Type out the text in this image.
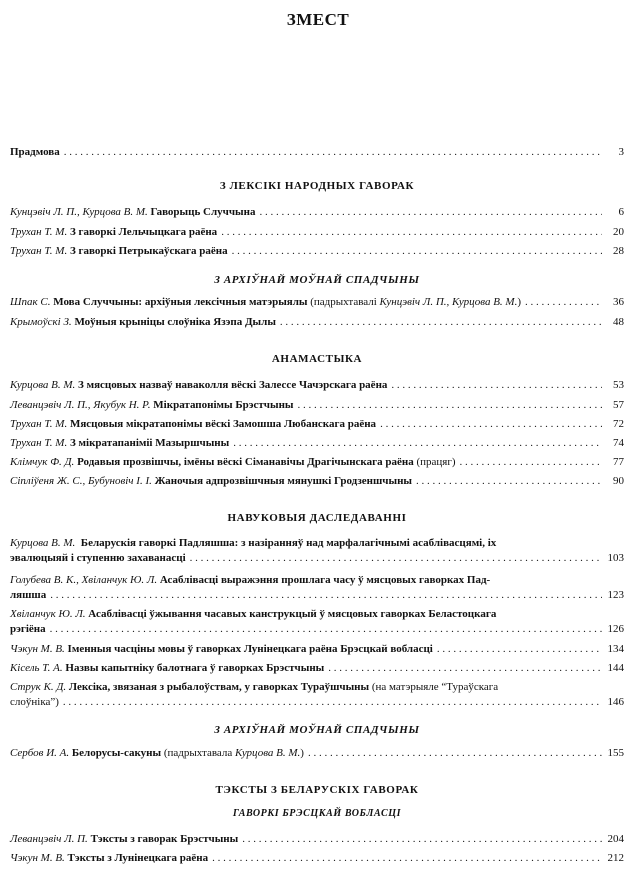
ЗМЕСТ
Прадмова . . .	3
З ЛЕКСІКІ НАРОДНЫХ ГАВОРАК
Кунцэвіч Л. П., Курцова В. М. Гаворыць Случчына . . .	6
Трухан Т. М. З гаворкі Лельчыцкага раёна . . .	20
Трухан Т. М. З гаворкі Петрыкаўскага раёна . . .	28
З АРХІЎНАЙ МОЎНАЙ СПАДЧЫНЫ
Шпак С. Мова Случчыны: архіўныя лексічныя матэрыялы (падрыхтавалі Кунцэвіч Л. П., Курцова В. М.) . . .	36
Крымоўскі З. Моўныя крыніцы слоўніка Язэпа Дылы . . .	48
АНАМАСТЫКА
Курцова В. М. З мясцовых назваў наваколля вёскі Залессе Чачэрскага раёна . . .	53
Леванцэвіч Л. П., Якубук Н. Р. Мікратапонімы Брэстчыны . . .	57
Трухан Т. М. Мясцовыя мікратапонімы вёскі Замошша Любанскага раёна . . .	72
Трухан Т. М. З мікратапаніміі Мазыршчыны . . .	74
Клімчук Ф. Д. Родавыя прозвішчы, імёны вёскі Сіманавічы Драгічынскага раёна (працяг) . . .	77
Сіпліўеня Ж. С., Бубуновіч І. І. Жаночыя адпрозвішчныя мянушкі Гродзеншчыны . . .	90
НАВУКОВЫЯ ДАСЛЕДАВАННІ
Курцова В. М. Беларускія гаворкі Падляшша: з назіранняў над марфалагічнымі асабліваcцямі, іх
эвалюцыяй і ступенню захаванасці . . .	103
Голубева В. К., Хвіланчук Ю. Л. Асаблівасці выражэння прошлага часу ў мясцовых гаворках Пад-
ляшша . . .	123
Хвіланчук Ю. Л. Асаблівасці ўжывання часавых канструкцый ў мясцовых гаворках Беластоцкага
рэгіёна . . .	126
Чэкун М. В. Іменныя часціны мовы ў гаворках Лунінецкага раёна Брэсцкай вобласці . . .	134
Кісель Т. А. Назвы капытніку балотнага ў гаворках Брэстчыны . . .	144
Струк К. Д. Лексіка, звязаная з рыбалоўствам, у гаворках Тураўшчыны (на матэрыяле “Тураўскага
слоўніка”) . . .	146
З АРХІЎНАЙ МОЎНАЙ СПАДЧЫНЫ
Сербов И. А. Белорусы-сакуны (падрыхтавала Курцова В. М.) . . .	155
ТЭКСТЫ З БЕЛАРУСКІХ ГАВОРАК
ГАВОРКІ БРЭСЦКАЙ ВОБЛАСЦІ
Леванцэвіч Л. П. Тэксты з гаворак Брэстчыны . . .	204
Чэкун М. В. Тэксты з Лунінецкага раёна . . .	212
